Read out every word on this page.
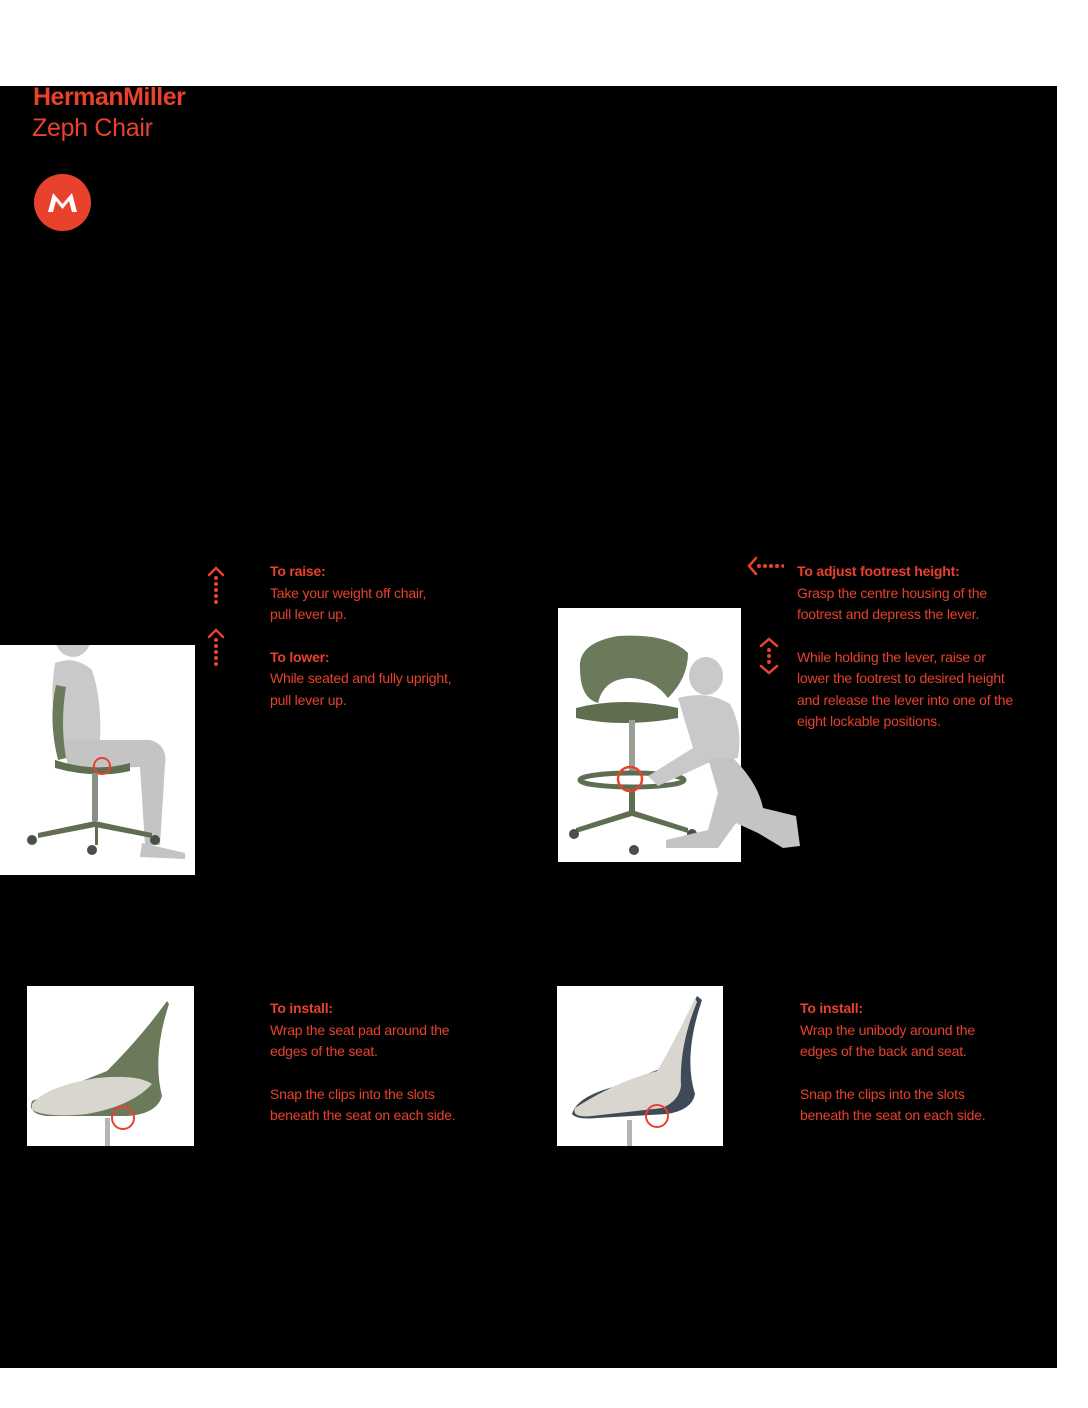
HermanMiller
Zeph Chair
To raise:
Take your weight off chair,
pull lever up.
To lower:
While seated and fully upright,
pull lever up.
To adjust footrest height:
Grasp the centre housing of the
footrest and depress the lever.
While holding the lever, raise or
lower the footrest to desired height
and release the lever into one of the
eight lockable positions.
To install:
Wrap the seat pad around the
edges of the seat.
Snap the clips into the slots
beneath the seat on each side.
To install:
Wrap the unibody around the
edges of the back and seat.
Snap the clips into the slots
beneath the seat on each side.
